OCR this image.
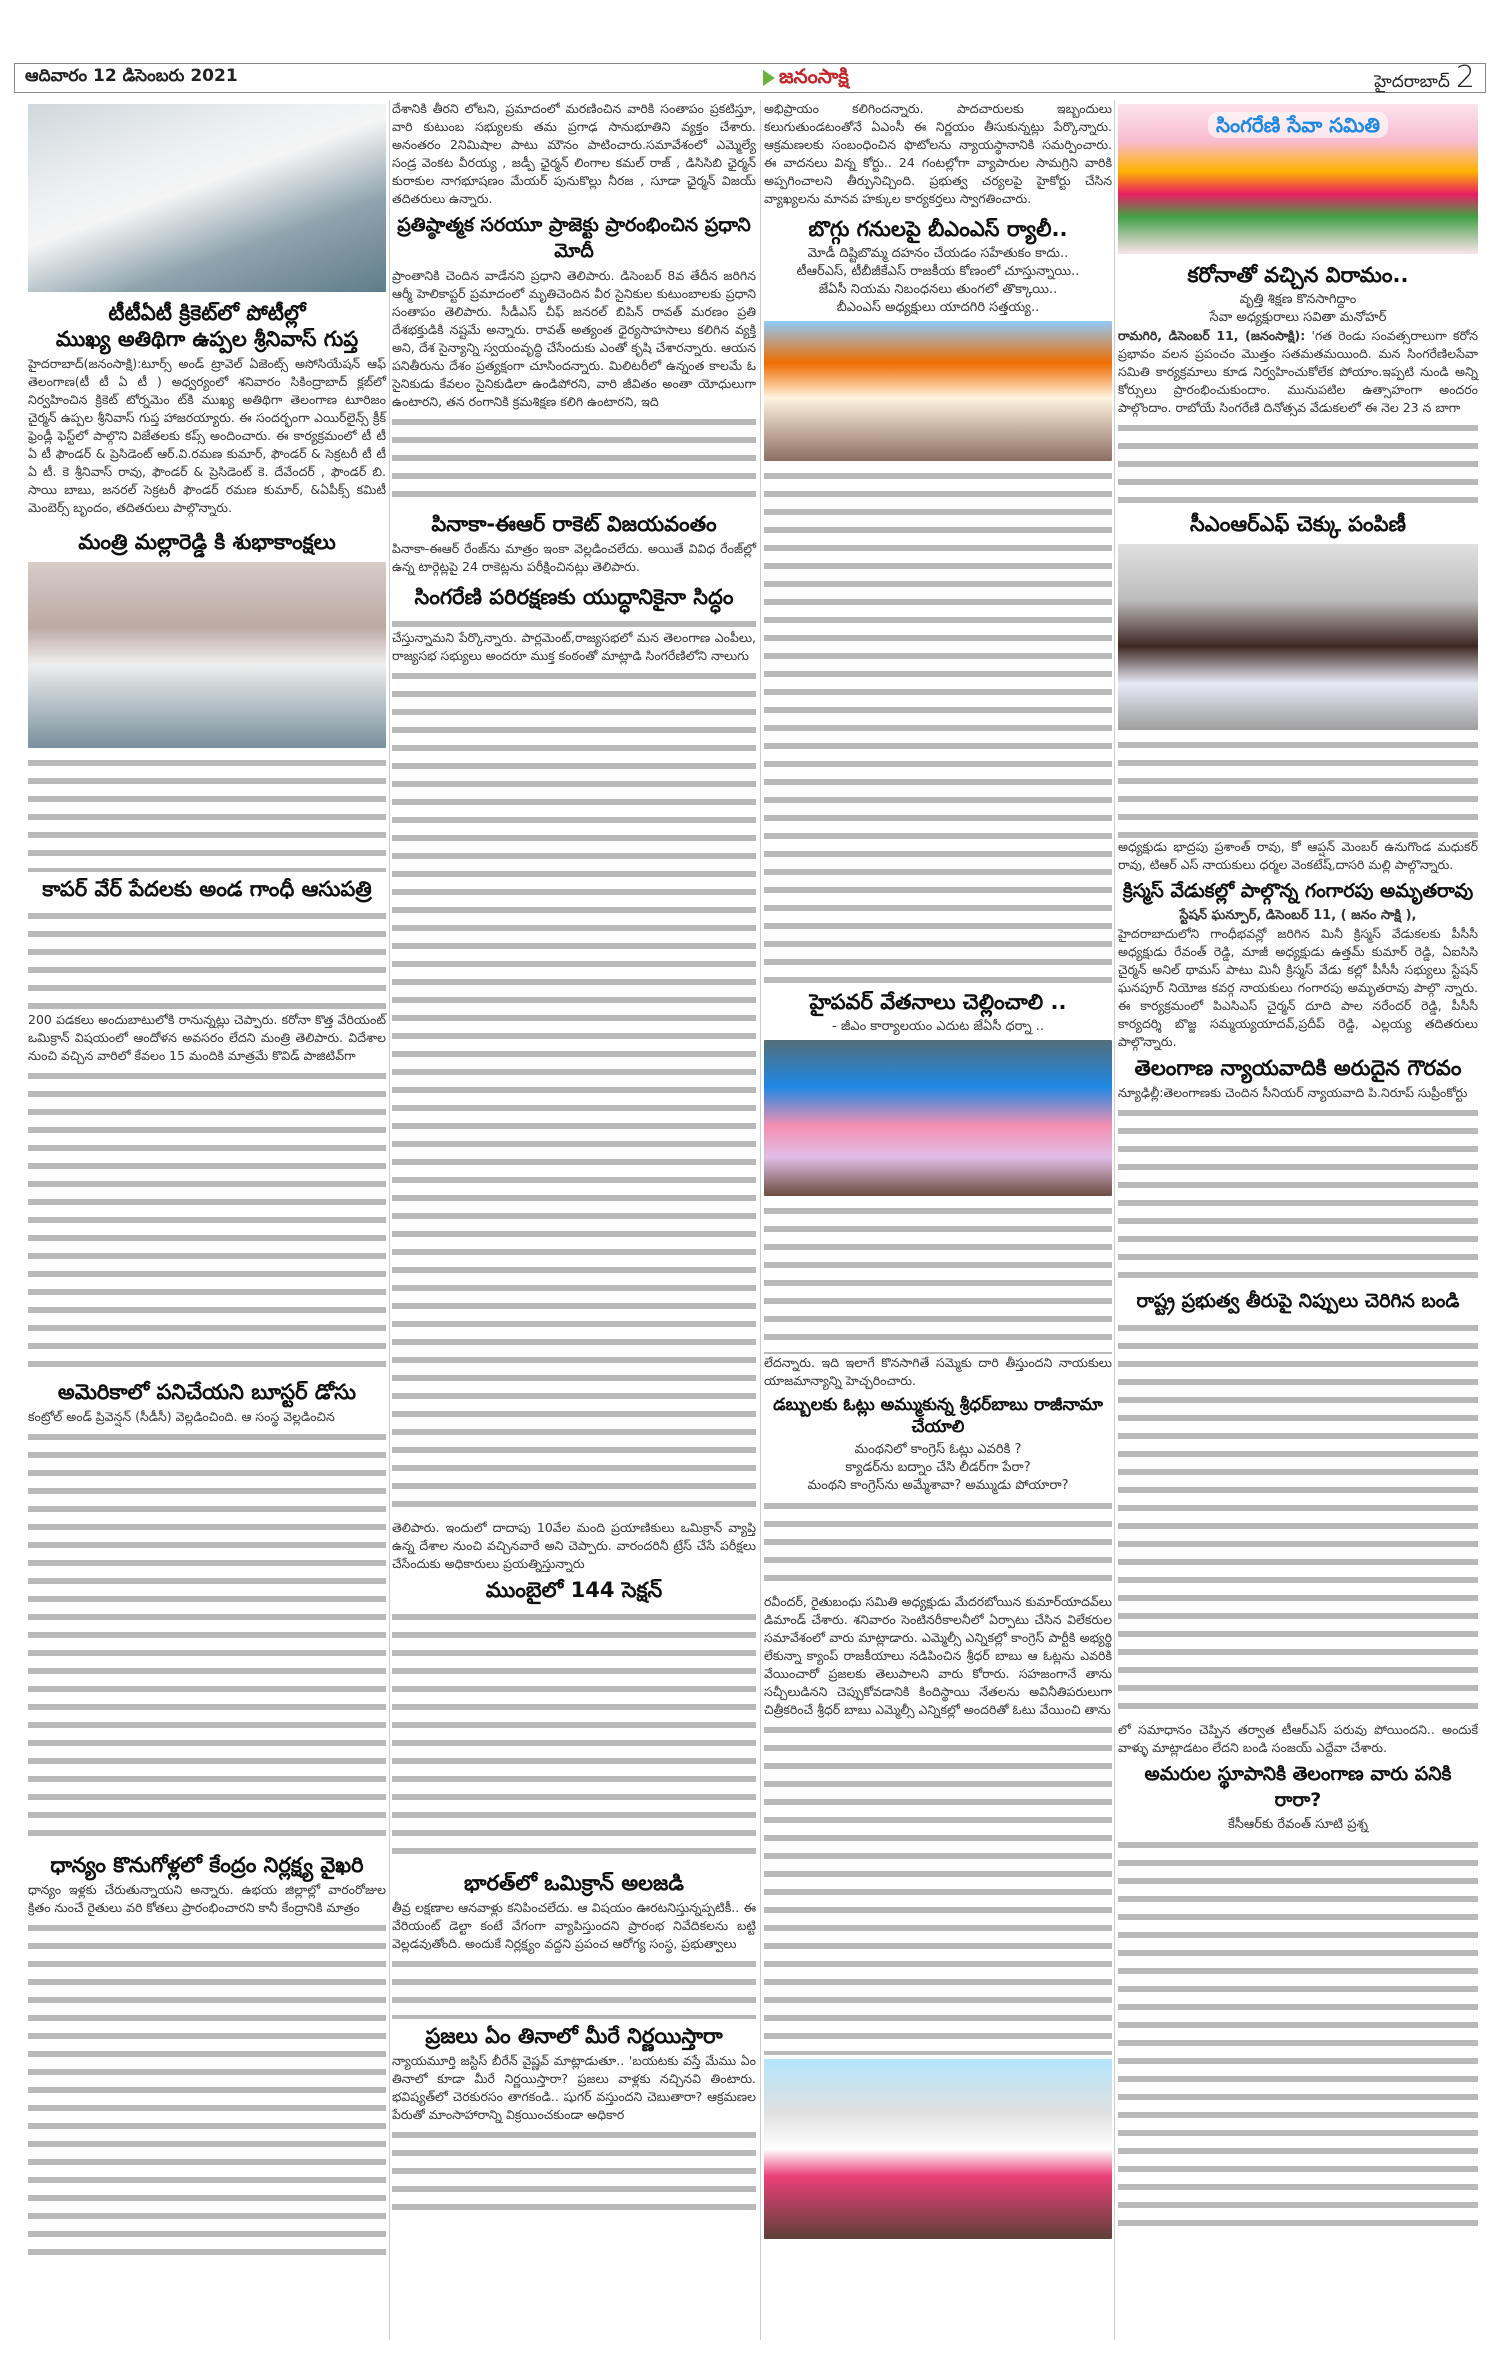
ఆదివారం 12 డిసెంబరు 2021	జనంసాక్షి	హైదరాబాద్ 2
టీటీఏటీ క్రికెట్‌లో పోటీల్లో
ముఖ్య అతిథిగా ఉప్పల శ్రీనివాస్ గుప్త

హైదరాబాద్(జనంసాక్షి):టూర్స్ అండ్ ట్రావెల్ ఏజెంట్స్ అసోసియేషన్ ఆఫ్ తెలంగాణ(టీ టీ ఏ టీ ) అధ్వర్యంలో శనివారం సికింద్రాబాద్ క్లబ్‌లో నిర్వహించిన క్రికెట్ టోర్నమెం ట్‌కి ముఖ్య అతిథిగా తెలంగాణ టూరిజం చైర్మన్ ఉప్పల శ్రీనివాస్ గుప్త హాజరయ్యారు. ఈ సందర్భంగా ఎయిర్‌లైన్స్ క్రీక్ ఫ్రెండ్లీ ఫెస్ట్‌లో పాల్గొని విజేతలకు కప్స్ అందించారు. ఈ కార్యక్రమంలో టీ టీ ఏ టీ ఫౌండర్ & ప్రెసిడెంట్ ఆర్.వి.రమణ కుమార్, ఫౌండర్ & సెక్రటరీ టీ టీ ఏ టీ. కె శ్రీనివాస్ రావు, ఫౌండర్ & ప్రెసిడెంట్ కె. దేవేందర్ , ఫౌండర్ బి. సాయి బాబు, జనరల్ సెక్రటరీ ఫౌండర్ రమణ కుమార్, &ఏపీక్స్ కమిటీ మెంబెర్స్ బృందం, తదితరులు పాల్గొన్నారు.

మంత్రి మల్లారెడ్డి కి శుభాకాంక్షలు
కాపర్ వేర్ పేదలకు అండ గాంధీ ఆసుపత్రి

200 పడకలు అందుబాటులోకి రానున్నట్లు చెప్పారు. కరోనా కొత్త వేరియంట్ ఒమిక్రాన్ విషయంలో ఆందోళన అవసరం లేదని మంత్రి తెలిపారు. విదేశాల నుంచి వచ్చిన వారిలో కేవలం 15 మందికి మాత్రమే కొవిడ్ పాజిటివ్‌గా

అమెరికాలో పనిచేయని బూస్టర్ డోసు

కంట్రోల్ అండ్ ప్రివెన్షన్ (సీడీసీ) వెల్లడించింది. ఆ సంస్థ వెల్లడించిన

ధాన్యం కొనుగోళ్లలో కేంద్రం నిర్లక్ష్య వైఖరి

ధాన్యం ఇళ్లకు చేరుతున్నాయని అన్నారు. ఉభయ జిల్లాల్లో వారంరోజుల క్రితం నుంచే రైతులు వరి కోతలు ప్రారంభించారని కానీ కేంద్రానికి మాత్రం

దేశానికి తీరని లోటని, ప్రమాదంలో మరణించిన వారికి సంతాపం ప్రకటిస్తూ, వారి కుటుంబ సభ్యులకు తమ ప్రగాఢ సానుభూతిని వ్యక్తం చేశారు. అనంతరం 2నిమిషాల పాటు మౌనం పాటించారు.సమావేశంలో ఎమ్మెల్యే సండ్ర వెంకట వీరయ్య , జడ్పీ ఛైర్మన్ లింగాల కమల్ రాజ్ , డిసిసిబి ఛైర్మన్ కురాకుల నాగభూషణం మేయర్ పునుకొల్లు నీరజ , సూడా ఛైర్మన్ విజయ్ తదితరులు ఉన్నారు.

ప్రతిష్ఠాత్మక సరయూ ప్రాజెక్టు ప్రారంభించిన ప్రధాని మోదీ

ప్రాంతానికి చెందిన వాడేనని ప్రధాని తెలిపారు. డిసెంబర్ 8వ తేదీన జరిగిన ఆర్మీ హెలికాప్టర్ ప్రమాదంలో మృతిచెందిన వీర సైనికుల కుటుంబాలకు ప్రధాని సంతాపం తెలిపారు. సీడీఎస్ చీఫ్ జనరల్ బిపిన్ రావత్ మరణం ప్రతి దేశభక్తుడికి నష్టమే అన్నారు. రావత్ అత్యంత ధైర్యసాహసాలు కలిగిన వ్యక్తి అని, దేశ సైన్యాన్ని స్వయంవృద్ధి చేసేందుకు ఎంతో కృషి చేశారన్నారు. ఆయన పనితీరును దేశం ప్రత్యక్షంగా చూసిందన్నారు. మిలిటరీలో ఉన్నంత కాలమే ఓ సైనికుడు కేవలం సైనికుడిలా ఉండిపోరని, వారి జీవితం అంతా యోధులుగా ఉంటారని, తన రంగానికి క్రమశిక్షణ కలిగి ఉంటారని, ఇది

పినాకా-ఈఆర్ రాకెట్ విజయవంతం

పినాకా-ఈఆర్ రేంజ్‌ను మాత్రం ఇంకా వెల్లడించలేదు. అయితే వివిధ రేంజ్‌ల్లో ఉన్న టార్గెట్లపై 24 రాకెట్లను పరీక్షించినట్లు తెలిపారు.

సింగరేణి పరిరక్షణకు యుద్ధానికైనా సిద్ధం

చేస్తున్నామని పేర్కొన్నారు. పార్లమెంట్,రాజ్యసభలో మన తెలంగాణ ఎంపీలు, రాజ్యసభ సభ్యులు అందరూ ముక్త కంఠంతో మాట్లాడి సింగరేణిలోని నాలుగు

తెలిపారు. ఇందులో దాదాపు 10వేల మంది ప్రయాణికులు ఒమిక్రాన్ వ్యాప్తి ఉన్న దేశాల నుంచి వచ్చినవారే అని చెప్పారు. వారందరినీ ట్రేస్ చేసే పరీక్షలు చేసేందుకు అధికారులు ప్రయత్నిస్తున్నారు

ముంబైలో 144 సెక్షన్
భారత్‌లో ఒమిక్రాన్ అలజడి

తీవ్ర లక్షణాల ఆనవాళ్లు కనిపించలేదు. ఆ విషయం ఊరటనిస్తున్నప్పటికీ.. ఈ వేరియంట్ డెల్టా కంటే వేగంగా వ్యాపిస్తుందని ప్రారంభ నివేదికలను బట్టి వెల్లడవుతోంది. అందుకే నిర్లక్ష్యం వద్దని ప్రపంచ ఆరోగ్య సంస్థ, ప్రభుత్వాలు

ప్రజలు ఏం తినాలో మీరే నిర్ణయిస్తారా

న్యాయమూర్తి జస్టిస్ బీరేన్ వైష్ణవ్ మాట్లాడుతూ.. 'బయటకు వస్తే మేము ఏం తినాలో కూడా మీరే నిర్ణయిస్తారా? ప్రజలు వాళ్లకు నచ్చినవి తింటారు. భవిష్యత్‌లో చెరకురసం తాగకండి.. షుగర్ వస్తుందని చెబుతారా? ఆక్రమణల పేరుతో మాంసాహారాన్ని విక్రయించకుండా అధికార

అభిప్రాయం కలిగిందన్నారు. పాదచారులకు ఇబ్బందులు కలుగుతుండటంతోనే ఏఎంసీ ఈ నిర్ణయం తీసుకున్నట్లు పేర్కొన్నారు. ఆక్రమణలకు సంబంధించిన ఫొటోలను న్యాయస్థానానికి సమర్పించారు. ఈ వాదనలు విన్న కోర్టు.. 24 గంటల్లోగా వ్యాపారుల సామగ్రిని వారికి అప్పగించాలని తీర్పునిచ్చింది. ప్రభుత్వ చర్యలపై హైకోర్టు చేసిన వ్యాఖ్యలను మానవ హక్కుల కార్యకర్తలు స్వాగతించారు.

బొగ్గు గనులపై బీఎంఎస్ ర్యాలీ..
మోడీ దిష్టిబొమ్మ దహనం చేయడం సహేతుకం కాదు..
టీఆర్ఎస్, టీబీజీకేఎస్ రాజకీయ కోణంలో చూస్తున్నాయి..
జేఏసీ నియమ నిబంధనలు తుంగలో తొక్కాయి..
బీఎంఎస్ అధ్యక్షులు యాదగిరి సత్తయ్య..
హైపవర్ వేతనాలు చెల్లించాలి ..
- జీఎం కార్యాలయం ఎదుట జేఏసీ ధర్నా ..

లేదన్నారు. ఇది ఇలాగే కొనసాగితే సమ్మెకు దారి తీస్తుందని నాయకులు యాజమాన్యాన్ని హెచ్చరించారు.

డబ్బులకు ఓట్లు అమ్ముకున్న శ్రీధర్‌బాబు రాజీనామా చేయాలి
మంథనిలో కాంగ్రెస్ ఓట్లు ఎవరికి ?
క్యాడర్‌ను బద్నాం చేసి లీడర్‌గా పేరా?
మంథని కాంగ్రెస్‌ను అమ్మేశావా? అమ్ముడు పోయారా?

రవీందర్, రైతుబంధు సమితి అధ్యక్షుడు మేదరబోయిన కుమార్‌యాదవ్‌లు డిమాండ్ చేశారు. శనివారం సెంటినరీకాలనీలో ఏర్పాటు చేసిన విలేకరుల సమావేశంలో వారు మాట్లాడారు. ఎమ్మెల్సీ ఎన్నికల్లో కాంగ్రెస్ పార్టీకి అభ్యర్థి లేకున్నా క్యాంప్ రాజకీయాలు నడిపించిన శ్రీధర్ బాబు ఆ ఓట్లను ఎవరికి వేయించారో ప్రజలకు తెలుపాలని వారు కోరారు. సహజంగానే తాను సచ్చీలుడినని చెప్పుకోవడానికి కిందిస్థాయి నేతలను అవినీతిపరులుగా చిత్రీకరించే శ్రీధర్ బాబు ఎమ్మెల్సీ ఎన్నికల్లో అందరితో ఓటు వేయించి తాను

సింగరేణి సేవా సమితి
కరోనాతో వచ్చిన విరామం..
వృత్తి శిక్షణ కొనసాగిద్దాం
సేవా అధ్యక్షురాలు సవితా మనోహర్

రామగిరి, డిసెంబర్ 11, (జనంసాక్షి): 'గత రెండు సంవత్సరాలుగా కరోన ప్రభావం వలన ప్రపంచం మొత్తం సతమతమయింది. మన సింగరేణిలసేవా సమితి కార్యక్రమాలు కూడ నిర్వహించుకోలేక పోయాం.ఇప్పటి నుండి అన్ని కోర్సులు ప్రారంభించుకుందాం. మునుపటిల ఉత్సాహంగా అందరం పాల్గొందాం. రాబోయే సింగరేణి దినోత్సవ వేడుకలలో ఈ నెల 23 న బాగా

సీఎంఆర్ఎఫ్ చెక్కు పంపిణీ

అధ్యక్షుడు భాద్రపు ప్రశాంత్ రావు, కో ఆప్షన్ మెంబర్ ఉనుగొండ మధుకర్ రావు, టిఆర్ ఎస్ నాయకులు ధర్మల వెంకటేష్,దాసరి మల్లి పాల్గొన్నారు.

క్రిస్మస్ వేడుకల్లో పాల్గొన్న గంగారపు అమృతరావు
స్టేషన్ ఘన్పూర్, డిసెంబర్ 11, ( జనం సాక్షి ),

హైదరాబాదులోని గాంధీభవన్లో జరిగిన మినీ క్రిస్మస్ వేడుకలకు పీసీసీ అధ్యక్షుడు రేవంత్ రెడ్డి, మాజీ అధ్యక్షుడు ఉత్తమ్ కుమార్ రెడ్డి, ఏఐసిసి చైర్మన్ అనిల్ థామస్ పాటు మినీ క్రిస్మస్ వేడు కల్లో పీసీసీ సభ్యులు స్టేషన్ ఘనపూర్ నియోజ కవర్గ నాయకులు గంగారపు అమృతరావు పాల్గొ న్నారు. ఈ కార్యక్రమంలో పిఎసిఎస్ చైర్మన్ దూది పాల నరేందర్ రెడ్డి, పీసీసీ కార్యదర్శి బొజ్జ సమ్మయ్యయాదవ్,ప్రదీప్ రెడ్డి, ఎల్లయ్య తదితరులు పాల్గొన్నారు.

తెలంగాణ న్యాయవాదికి అరుదైన గౌరవం

న్యూఢిల్లీ:తెలంగాణకు చెందిన సీనియర్ న్యాయవాది పి.నిరూప్ సుప్రీంకోర్టు

రాష్ట్ర ప్రభుత్వ తీరుపై నిప్పులు చెరిగిన బండి

లో సమాధానం చెప్పిన తర్వాత టీఆర్ఎస్ పరువు పోయిందని.. అందుకే వాళ్ళు మాట్లాడటం లేదని బండి సంజయ్ ఎద్దేవా చేశారు.

అమరుల స్థూపానికి తెలంగాణ వారు పనికి రారా?
కేసీఆర్‌కు రేవంత్ సూటి ప్రశ్న
